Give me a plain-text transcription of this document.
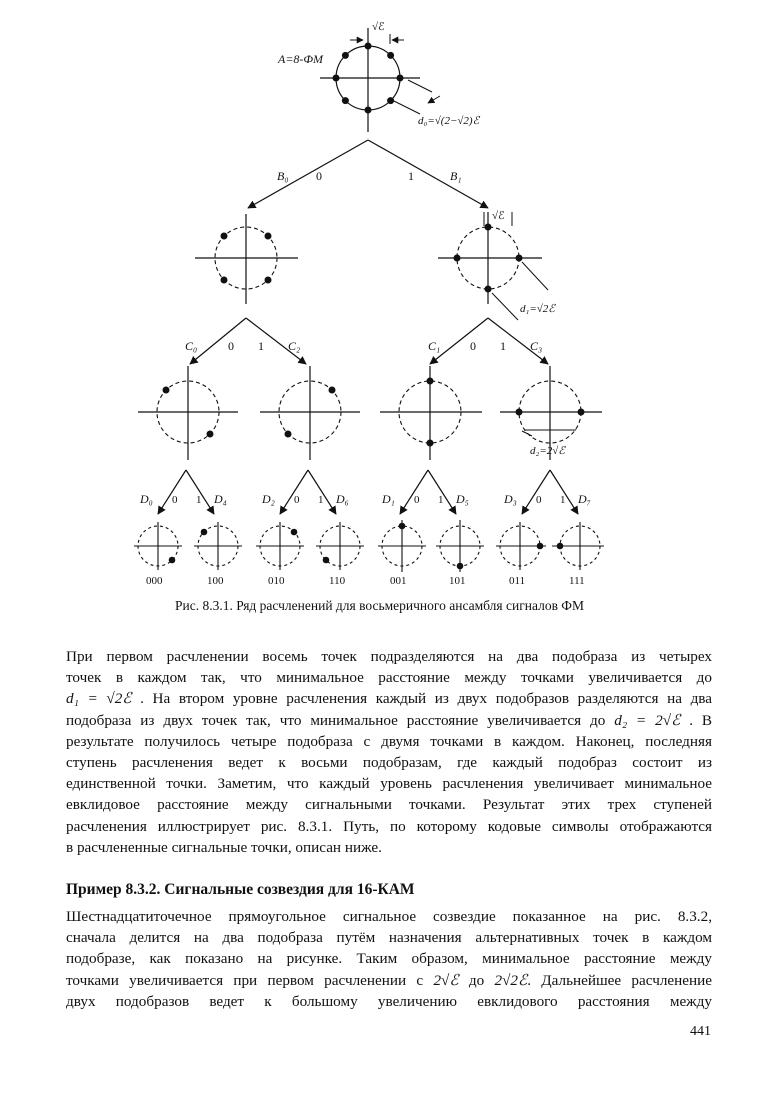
A=8-ФМ
√ℰ
d₀=√(2−√2)ℰ
B₀ 0	1	B₁
√ℰ
d₁=√2ℰ
C₀	0 1 C₂	C₁ 0 1 C₃
d₂=2√ℰ
D₀ 0 1 D₄	D₂ 0 1 D₆	D₁ 0 1 D₅	D₃ 0 1 D₇
000	100	010	110	001	101	011	111
Рис. 8.3.1. Ряд расчленений для восьмеричного ансамбля сигналов ФМ
При первом расчленении восемь точек подразделяются на два подобраза из четырех
точек в каждом так, что минимальное расстояние между точками увеличивается до
d₁ = √2ℰ . На втором уровне расчленения каждый из двух подобразов разделяются на два
подобраза из двух точек так, что минимальное расстояние увеличивается до d₂ = 2√ℰ . В
результате получилось четыре подобраза с двумя точками в каждом. Наконец, последняя
ступень расчленения ведет к восьми подобразам, где каждый подобраз состоит из
единственной точки. Заметим, что каждый уровень расчленения увеличивает минимальное
евклидовое расстояние между сигнальными точками. Результат этих трех ступеней
расчленения иллюстрирует рис. 8.3.1. Путь, по которому кодовые символы отображаются
в расчлененные сигнальные точки, описан ниже.
Пример 8.3.2. Сигнальные созвездия для 16-КАМ
Шестнадцатиточечное прямоугольное сигнальное созвездие показанное на рис. 8.3.2,
сначала делится на два подобраза путём назначения альтернативных точек в каждом
подобразе, как показано на рисунке. Таким образом, минимальное расстояние между
точками увеличивается при первом расчленении с 2√ℰ до 2√2ℰ. Дальнейшее расчленение
двух подобразов ведет к большому увеличению евклидового расстояния между
441
